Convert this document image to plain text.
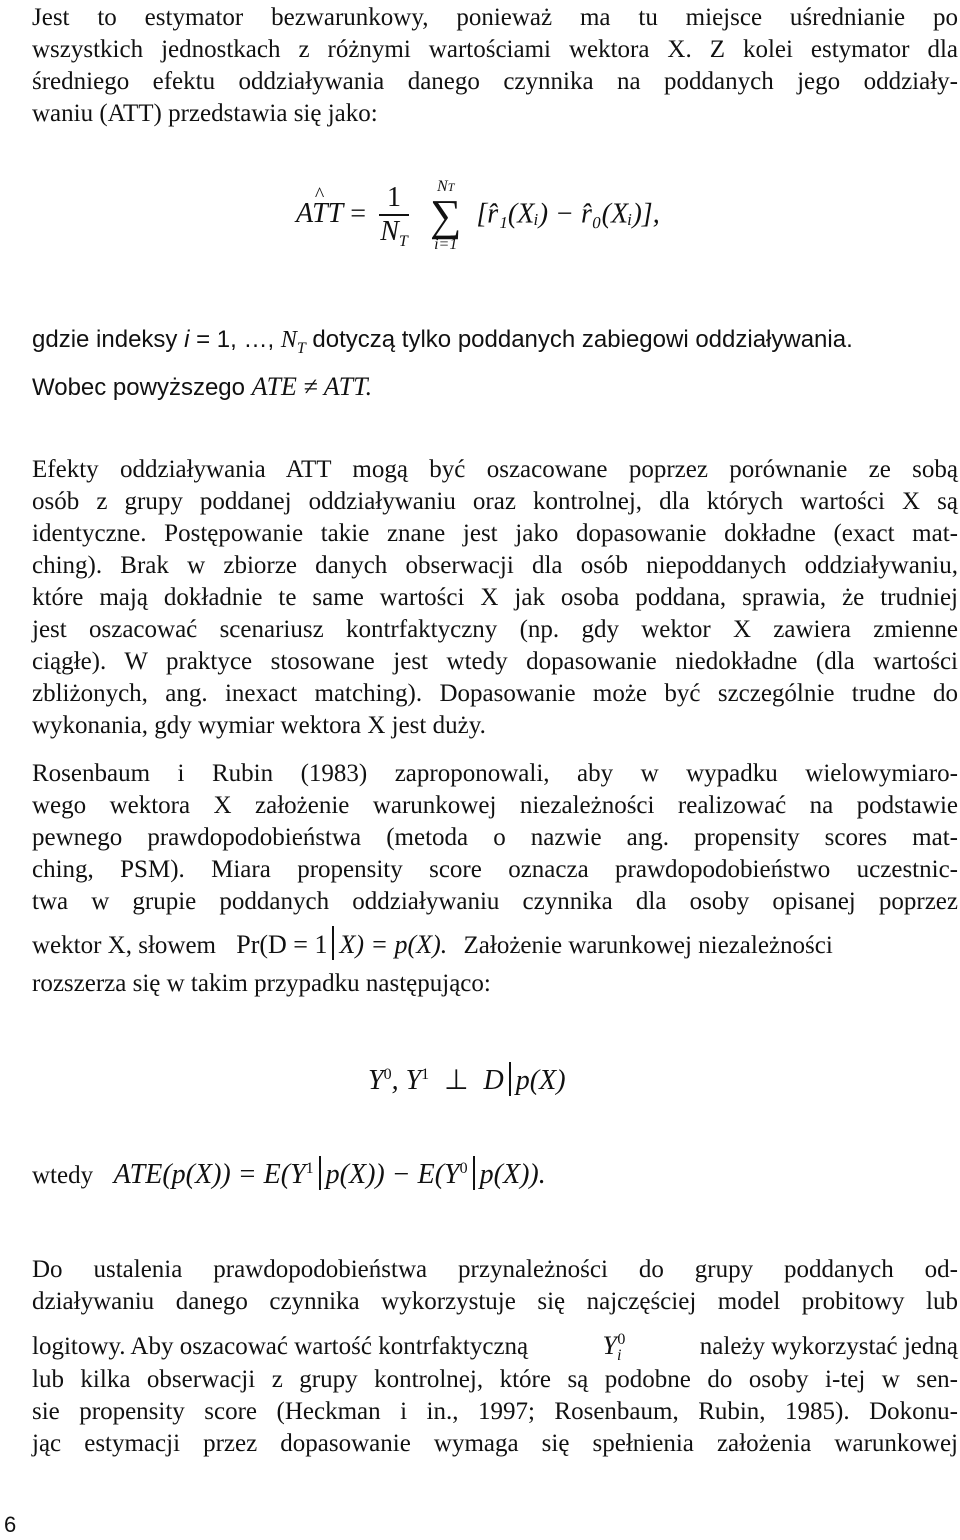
Jest to estymator bezwarunkowy, ponieważ ma tu miejsce uśrednianie po
wszystkich jednostkach z różnymi wartościami wektora X. Z kolei estymator dla
średniego efektu oddziaływania danego czynnika na poddanych jego oddziały-
waniu (ATT) przedstawia się jako:
^ ATT = $\frac{1}{N_T}$
	NT
∑
i=1
[r̂₁(Xᵢ) − r̂₀(Xᵢ)],
gdzie indeksy i = 1, …, $N_T$ dotyczą tylko poddanych zabiegowi oddziaływania.
Wobec powyższego ATE ≠ ATT.
Efekty oddziaływania ATT mogą być oszacowane poprzez porównanie ze sobą
osób z grupy poddanej oddziaływaniu oraz kontrolnej, dla których wartości X są
identyczne. Postępowanie takie znane jest jako dopasowanie dokładne (exact mat-
ching). Brak w zbiorze danych obserwacji dla osób niepoddanych oddziaływaniu,
które mają dokładnie te same wartości X jak osoba poddana, sprawia, że trudniej
jest oszacować scenariusz kontrfaktyczny (np. gdy wektor X zawiera zmienne
ciągłe). W praktyce stosowane jest wtedy dopasowanie niedokładne (dla wartości
zbliżonych, ang. inexact matching). Dopasowanie może być szczególnie trudne do
wykonania, gdy wymiar wektora X jest duży.
Rosenbaum i Rubin (1983) zaproponowali, aby w wypadku wielowymiaro-
wego wektora X założenie warunkowej niezależności realizować na podstawie
pewnego prawdopodobieństwa (metoda o nazwie ang. propensity scores mat-
ching, PSM). Miara propensity score oznacza prawdopodobieństwo uczestnic-
twa w grupie poddanych oddziaływaniu czynnika dla osoby opisanej poprzez
wektor X, słowem Pr(D = 1 X) = p(X). Założenie warunkowej niezależności
rozszerza się w takim przypadku następująco:
$Y^0$, $Y^1$ ⊥ D p(X)
wtedy $ATE(p(X)) = E(Y^1$ $p(X)) - E(Y^0$ p(X)).
Do ustalenia prawdopodobieństwa przynależności do grupy poddanych od-
działywaniu danego czynnika wykorzystuje się najczęściej model probitowy lub
logitowy. Aby oszacować wartość kontrfaktyczną	$Y_i^0$	należy wykorzystać jedną
lub kilka obserwacji z grupy kontrolnej, które są podobne do osoby i-tej w sen-
sie propensity score (Heckman i in., 1997; Rosenbaum, Rubin, 1985). Dokonu-
jąc estymacji przez dopasowanie wymaga się spełnienia założenia warunkowej
6
